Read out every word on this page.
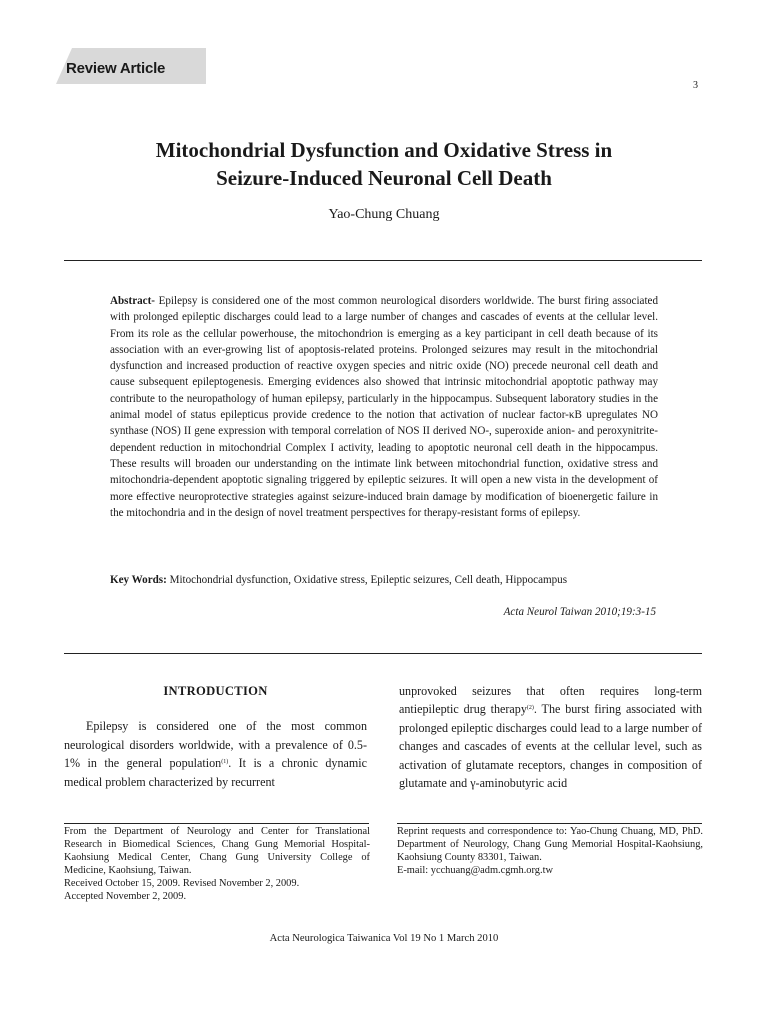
Review Article
3
Mitochondrial Dysfunction and Oxidative Stress in
Seizure-Induced Neuronal Cell Death
Yao-Chung Chuang
Abstract- Epilepsy is considered one of the most common neurological disorders worldwide. The burst firing associated with prolonged epileptic discharges could lead to a large number of changes and cascades of events at the cellular level. From its role as the cellular powerhouse, the mitochondrion is emerging as a key participant in cell death because of its association with an ever-growing list of apoptosis-related proteins. Prolonged seizures may result in the mitochondrial dysfunction and increased production of reactive oxygen species and nitric oxide (NO) precede neuronal cell death and cause subsequent epileptogenesis. Emerging evidences also showed that intrinsic mitochondrial apoptotic pathway may contribute to the neuropathology of human epilepsy, particularly in the hippocampus. Subsequent laboratory studies in the animal model of status epilepticus provide credence to the notion that activation of nuclear factor-κB upregulates NO synthase (NOS) II gene expression with temporal correlation of NOS II derived NO-, superoxide anion- and peroxynitrite-dependent reduction in mitochondrial Complex I activity, leading to apoptotic neuronal cell death in the hippocampus. These results will broaden our understanding on the intimate link between mitochondrial function, oxidative stress and mitochondria-dependent apoptotic signaling triggered by epileptic seizures. It will open a new vista in the development of more effective neuroprotective strategies against seizure-induced brain damage by modification of bioenergetic failure in the mitochondria and in the design of novel treatment perspectives for therapy-resistant forms of epilepsy.
Key Words: Mitochondrial dysfunction, Oxidative stress, Epileptic seizures, Cell death, Hippocampus
Acta Neurol Taiwan 2010;19:3-15
INTRODUCTION

Epilepsy is considered one of the most common neurological disorders worldwide, with a prevalence of 0.5-1% in the general population$^{(1)}$. It is a chronic dynamic medical problem characterized by recurrent

unprovoked seizures that often requires long-term antiepileptic drug therapy$^{(2)}$. The burst firing associated with prolonged epileptic discharges could lead to a large number of changes and cascades of events at the cellular level, such as activation of glutamate receptors, changes in composition of glutamate and γ-aminobutyric acid

From the Department of Neurology and Center for Translational Research in Biomedical Sciences, Chang Gung Memorial Hospital-Kaohsiung Medical Center, Chang Gung University College of Medicine, Kaohsiung, Taiwan.
Received October 15, 2009. Revised November 2, 2009.
Accepted November 2, 2009.
Reprint requests and correspondence to: Yao-Chung Chuang, MD, PhD. Department of Neurology, Chang Gung Memorial Hospital-Kaohsiung, Kaohsiung County 83301, Taiwan.
E-mail: ycchuang@adm.cgmh.org.tw
Acta Neurologica Taiwanica Vol 19 No 1 March 2010
